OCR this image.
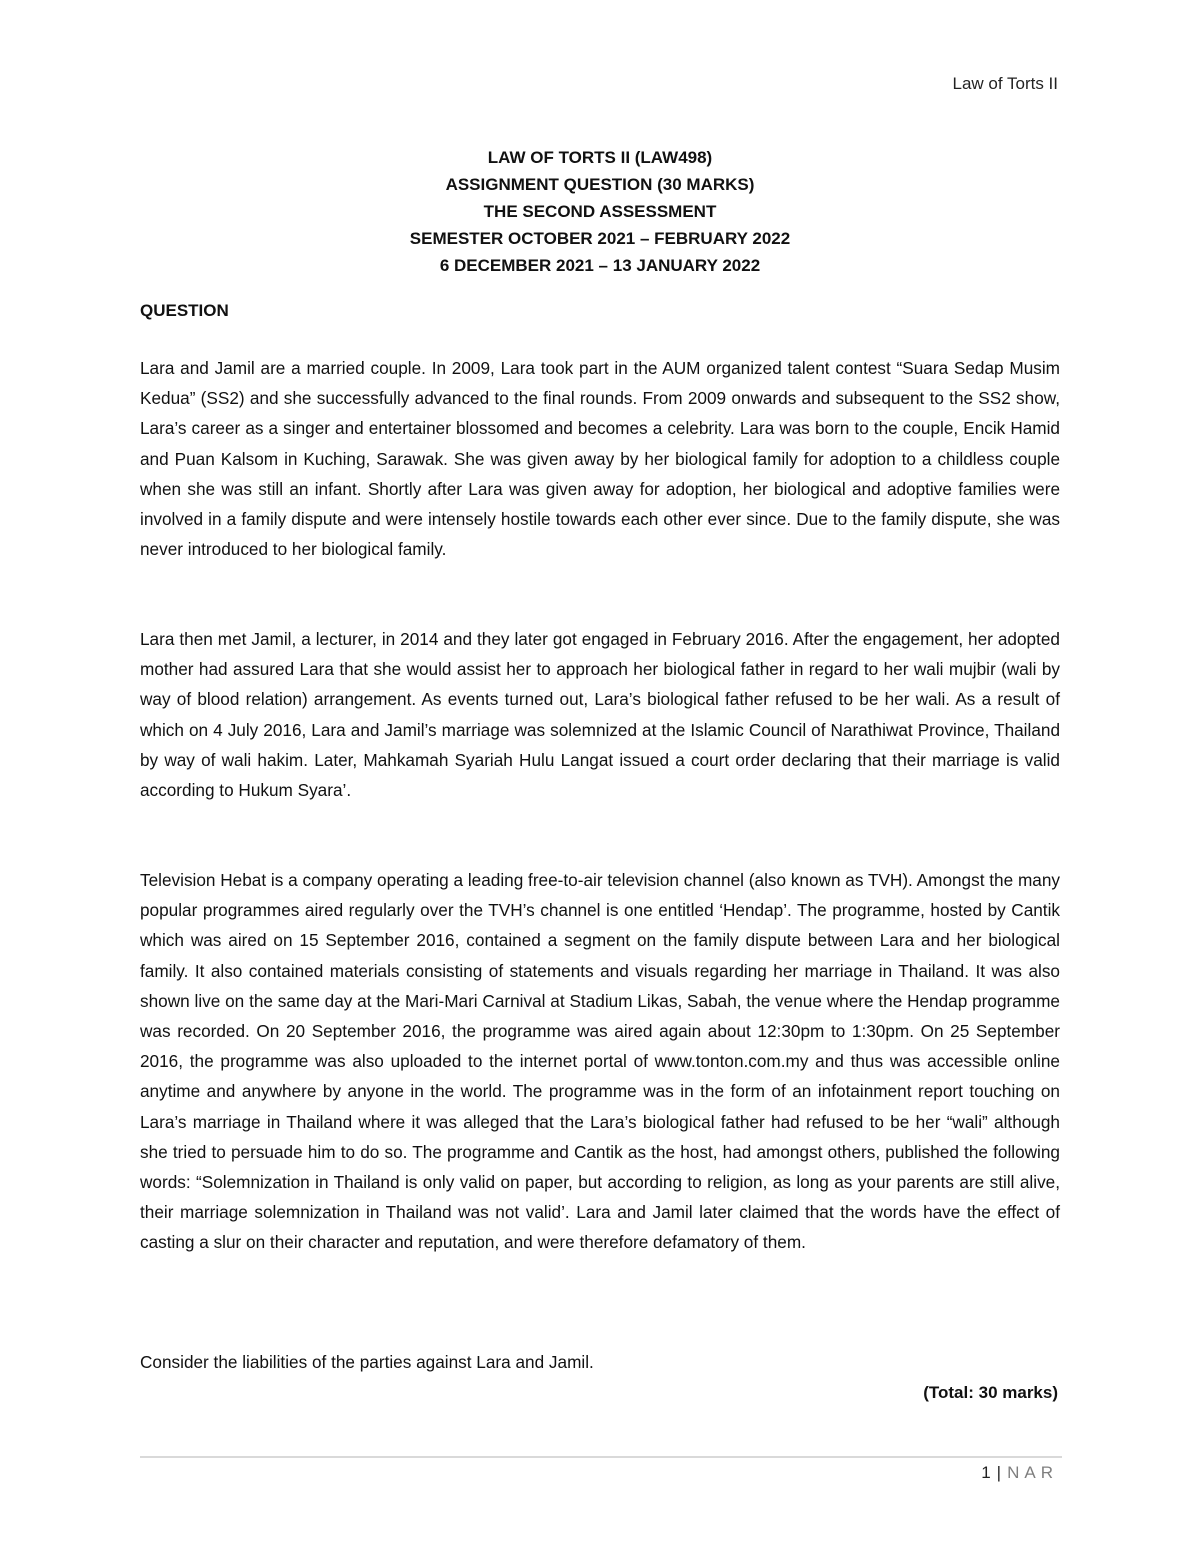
Law of Torts II
LAW OF TORTS II (LAW498)
ASSIGNMENT QUESTION (30 MARKS)
THE SECOND ASSESSMENT
SEMESTER OCTOBER 2021 – FEBRUARY 2022
6 DECEMBER 2021 – 13 JANUARY 2022
QUESTION

Lara and Jamil are a married couple. In 2009, Lara took part in the AUM organized talent contest “Suara Sedap Musim Kedua” (SS2) and she successfully advanced to the final rounds. From 2009 onwards and subsequent to the SS2 show, Lara’s career as a singer and entertainer blossomed and becomes a celebrity. Lara was born to the couple, Encik Hamid and Puan Kalsom in Kuching, Sarawak. She was given away by her biological family for adoption to a childless couple when she was still an infant. Shortly after Lara was given away for adoption, her biological and adoptive families were involved in a family dispute and were intensely hostile towards each other ever since. Due to the family dispute, she was never introduced to her biological family.

Lara then met Jamil, a lecturer, in 2014 and they later got engaged in February 2016. After the engagement, her adopted mother had assured Lara that she would assist her to approach her biological father in regard to her wali mujbir (wali by way of blood relation) arrangement. As events turned out, Lara’s biological father refused to be her wali. As a result of which on 4 July 2016, Lara and Jamil’s marriage was solemnized at the Islamic Council of Narathiwat Province, Thailand by way of wali hakim. Later, Mahkamah Syariah Hulu Langat issued a court order declaring that their marriage is valid according to Hukum Syara’.

Television Hebat is a company operating a leading free-to-air television channel (also known as TVH). Amongst the many popular programmes aired regularly over the TVH’s channel is one entitled ‘Hendap’. The programme, hosted by Cantik which was aired on 15 September 2016, contained a segment on the family dispute between Lara and her biological family. It also contained materials consisting of statements and visuals regarding her marriage in Thailand. It was also shown live on the same day at the Mari-Mari Carnival at Stadium Likas, Sabah, the venue where the Hendap programme was recorded. On 20 September 2016, the programme was aired again about 12:30pm to 1:30pm. On 25 September 2016, the programme was also uploaded to the internet portal of www.tonton.com.my and thus was accessible online anytime and anywhere by anyone in the world. The programme was in the form of an infotainment report touching on Lara’s marriage in Thailand where it was alleged that the Lara’s biological father had refused to be her “wali” although she tried to persuade him to do so. The programme and Cantik as the host, had amongst others, published the following words: “Solemnization in Thailand is only valid on paper, but according to religion, as long as your parents are still alive, their marriage solemnization in Thailand was not valid’. Lara and Jamil later claimed that the words have the effect of casting a slur on their character and reputation, and were therefore defamatory of them.

Consider the liabilities of the parties against Lara and Jamil.
(Total: 30 marks)
1 | NAR
